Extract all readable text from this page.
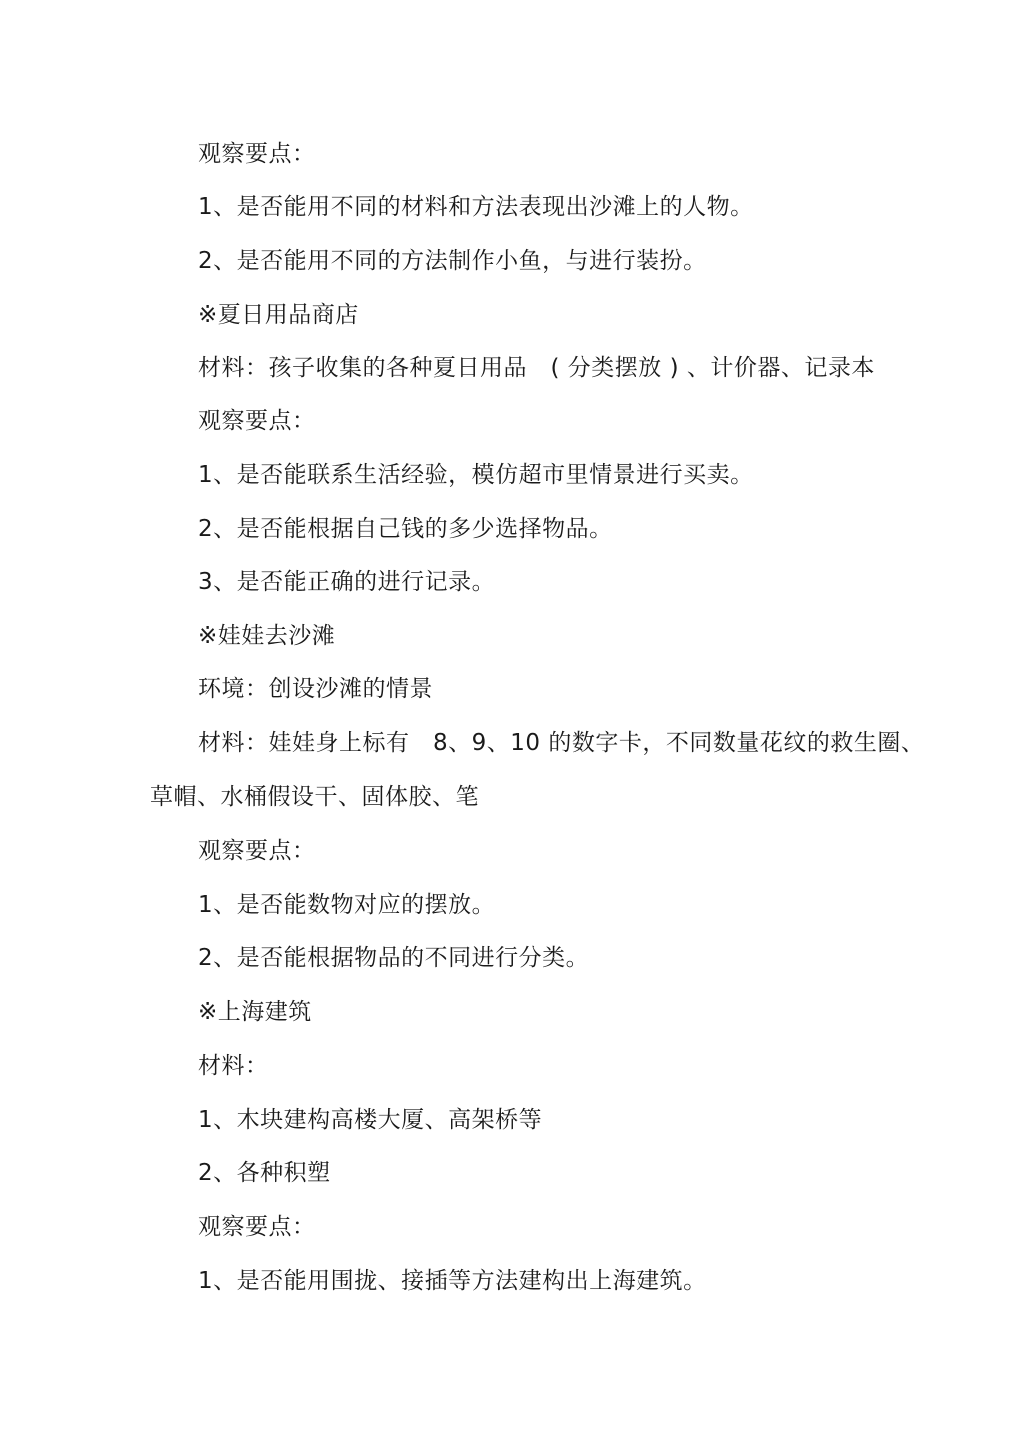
观察要点：
1、是否能用不同的材料和方法表现出沙滩上的人物。
2、是否能用不同的方法制作小鱼，与进行装扮。
※夏日用品商店
材料：孩子收集的各种夏日用品　( 分类摆放 ) 、计价器、记录本
观察要点：
1、是否能联系生活经验，模仿超市里情景进行买卖。
2、是否能根据自己钱的多少选择物品。
3、是否能正确的进行记录。
※娃娃去沙滩
环境：创设沙滩的情景
材料：娃娃身上标有　8、9、10 的数字卡，不同数量花纹的救生圈、
草帽、水桶假设干、固体胶、笔
观察要点：
1、是否能数物对应的摆放。
2、是否能根据物品的不同进行分类。
※上海建筑
材料：
1、木块建构高楼大厦、高架桥等
2、各种积塑
观察要点：
1、是否能用围拢、接插等方法建构出上海建筑。
